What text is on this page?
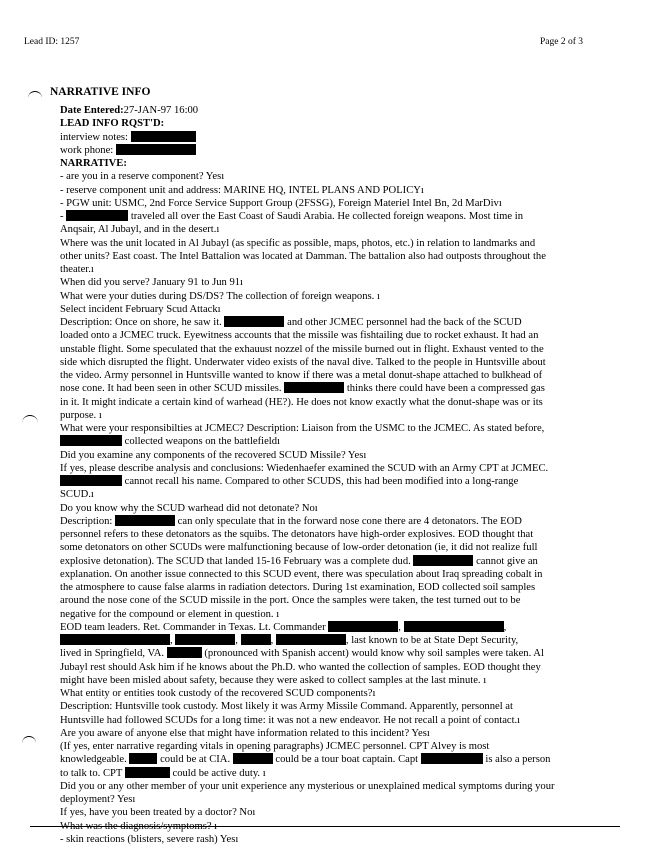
Lead ID: 1257	Page 2 of 3
NARRATIVE INFO
Date Entered:27-JAN-97 16:00
LEAD INFO RQST'D:
interview notes:
work phone:
NARRATIVE:
- are you in a reserve component? Yesı
- reserve component unit and address: MARINE HQ, INTEL PLANS AND POLICYı
- PGW unit: USMC, 2nd Force Service Support Group (2FSSG), Foreign Materiel Intel Bn, 2d MarDivı
-	traveled all over the East Coast of Saudi Arabia. He collected foreign weapons. Most time in
Anqsair, Al Jubayl, and in the desert.ı
Where was the unit located in Al Jubayl (as specific as possible, maps, photos, etc.) in relation to landmarks and
other units? East coast. The Intel Battalion was located at Damman. The battalion also had outposts throughout the
theater.ı
When did you serve? January 91 to Jun 91ı
What were your duties during DS/DS? The collection of foreign weapons. ı
Select incident February Scud Attackı
Description: Once on shore, he saw it.	and other JCMEC personnel had the back of the SCUD
loaded onto a JCMEC truck. Eyewitness accounts that the missile was fishtailing due to rocket exhaust. It had an
unstable flight. Some speculated that the exhauust nozzel of the missile burned out in flight. Exhaust vented to the
side which disrupted the flight. Underwater video exists of the naval dive. Talked to the people in Huntsville about
the video. Army personnel in Huntsville wanted to know if there was a metal donut-shape attached to bulkhead of
nose cone. It had been seen in other SCUD missiles.	thinks there could have been a compressed gas
in it. It might indicate a certain kind of warhead (HE?). He does not know exactly what the donut-shape was or its
purpose. ı
What were your responsibilties at JCMEC? Description: Liaison from the USMC to the JCMEC. As stated before,
collected weapons on the battlefieldı
Did you examine any components of the recovered SCUD Missile? Yesı
If yes, please describe analysis and conclusions: Wiedenhaefer examined the SCUD with an Army CPT at JCMEC.
cannot recall his name. Compared to other SCUDS, this had been modified into a long-range
SCUD.ı
Do you know why the SCUD warhead did not detonate? Noı
Description:	can only speculate that in the forward nose cone there are 4 detonators. The EOD
personnel refers to these detonators as the squibs. The detonators have high-order explosives. EOD thought that
some detonators on other SCUDs were malfunctioning because of low-order detonation (ie, it did not realize full
explosive detonation). The SCUD that landed 15-16 February was a complete dud.	cannot give an
explanation. On another issue connected to this SCUD event, there was speculation about Iraq spreading cobalt in
the atmosphere to cause false alarms in radiation detectors. During 1st examination, EOD collected soil samples
around the nose cone of the SCUD missile in the port. Once the samples were taken, the test turned out to be
negative for the compound or element in question. ı
EOD team leaders. Ret. Commander in Texas. Lt. Commander	,	,
,	,	,	, last known to be at State Dept Security,
lived in Springfield, VA.	(pronounced with Spanish accent) would know why soil samples were taken. Al
Jubayl rest should Ask him if he knows about the Ph.D. who wanted the collection of samples. EOD thought they
might have been misled about safety, because they were asked to collect samples at the last minute. ı
What entity or entities took custody of the recovered SCUD components?ı
Description: Huntsville took custody. Most likely it was Army Missile Command. Apparently, personnel at
Huntsville had followed SCUDs for a long time: it was not a new endeavor. He not recall a point of contact.ı
Are you aware of anyone else that might have information related to this incident? Yesı
(If yes, enter narrative regarding vitals in opening paragraphs) JCMEC personnel. CPT Alvey is most
knowledgeable.	could be at CIA.	could be a tour boat captain. Capt	is also a person
to talk to. CPT	could be active duty. ı
Did you or any other member of your unit experience any mysterious or unexplained medical symptoms during your
deployment? Yesı
If yes, have you been treated by a doctor? Noı
What was the diagnosis/symptoms? ı
- skin reactions (blisters, severe rash) Yesı
